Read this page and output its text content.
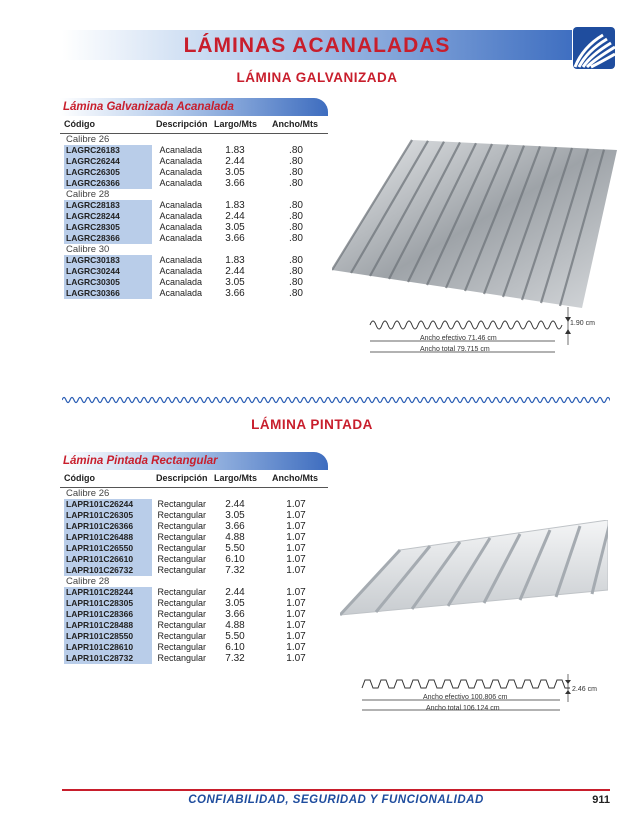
LÁMINAS ACANALADAS
LÁMINA GALVANIZADA
Lámina Galvanizada Acanalada
Código	Descripción Largo/Mts Ancho/Mts
Calibre 26
LAGRC26183	Acanalada	1.83	.80
LAGRC26244	Acanalada	2.44	.80
LAGRC26305	Acanalada	3.05	.80
LAGRC26366	Acanalada	3.66	.80
Calibre 28
LAGRC28183	Acanalada	1.83	.80
LAGRC28244	Acanalada	2.44	.80
LAGRC28305	Acanalada	3.05	.80
LAGRC28366	Acanalada	3.66	.80
Calibre 30
LAGRC30183	Acanalada	1.83	.80
LAGRC30244	Acanalada	2.44	.80
LAGRC30305	Acanalada	3.05	.80
LAGRC30366	Acanalada	3.66	.80
1.90 cm
Ancho efectivo 71.46 cm
Ancho total 79.715 cm
LÁMINA PINTADA
Lámina Pintada Rectangular
Código	Descripción Largo/Mts Ancho/Mts
Calibre 26
LAPR101C26244	Rectangular	2.44	1.07
LAPR101C26305	Rectangular	3.05	1.07
LAPR101C26366	Rectangular	3.66	1.07
LAPR101C26488	Rectangular	4.88	1.07
LAPR101C26550	Rectangular	5.50	1.07
LAPR101C26610	Rectangular	6.10	1.07
LAPR101C26732	Rectangular	7.32	1.07
Calibre 28
LAPR101C28244	Rectangular	2.44	1.07
LAPR101C28305	Rectangular	3.05	1.07
LAPR101C28366	Rectangular	3.66	1.07
LAPR101C28488	Rectangular	4.88	1.07
LAPR101C28550	Rectangular	5.50	1.07
LAPR101C28610	Rectangular	6.10	1.07
LAPR101C28732	Rectangular	7.32	1.07
2.46 cm
Ancho efectivo 100.806 cm
Ancho total 106.124 cm
CONFIABILIDAD, SEGURIDAD Y FUNCIONALIDAD	911
